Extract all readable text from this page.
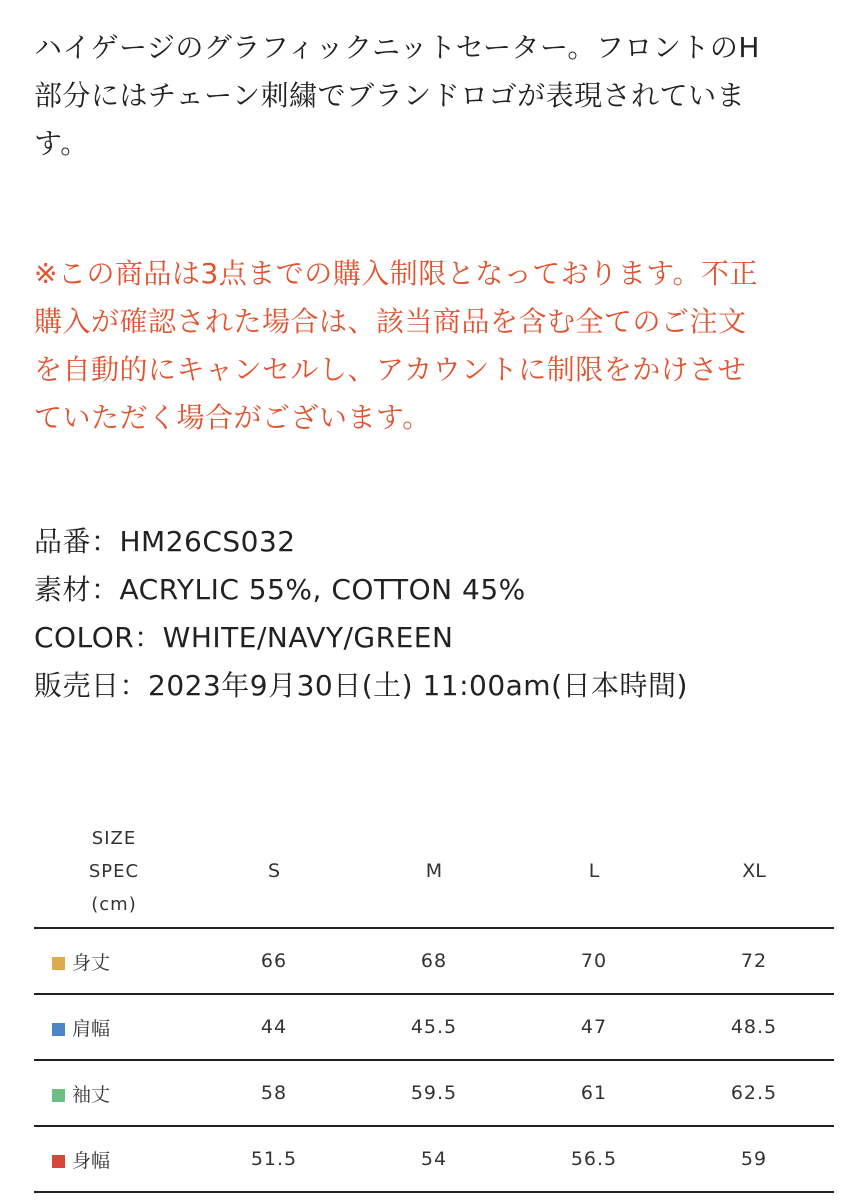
ハイゲージのグラフィックニットセーター。フロントのH

部分にはチェーン刺繍でブランドロゴが表現されていま

す。

※この商品は3点までの購入制限となっております。不正

購入が確認された場合は、該当商品を含む全てのご注文

を自動的にキャンセルし、アカウントに制限をかけさせ

ていただく場合がございます。

品番：HM26CS032

素材：ACRYLIC 55%, COTTON 45%

COLOR：WHITE/NAVY/GREEN

販売日：2023年9月30日(土) 11:00am(日本時間)

SIZE
SPEC
(cm)	S	M	L	XL
身丈	66	68	70	72
肩幅	44	45.5	47	48.5
袖丈	58	59.5	61	62.5
身幅	51.5	54	56.5	59
